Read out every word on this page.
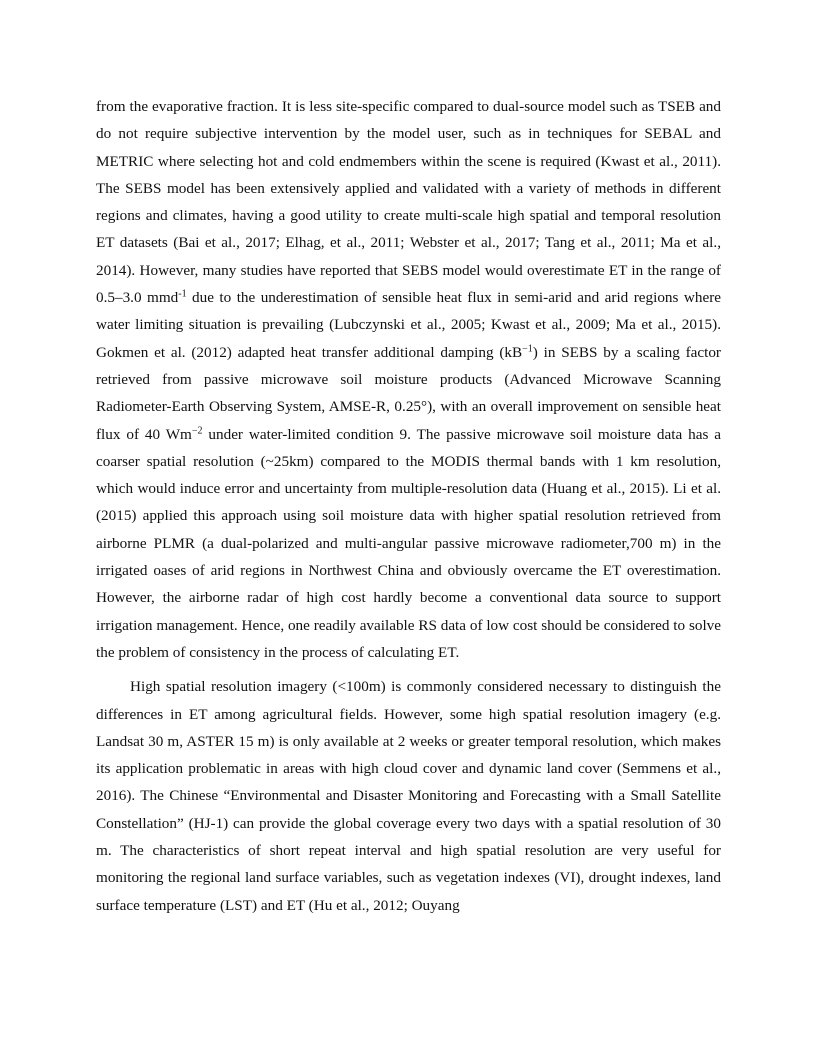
from the evaporative fraction. It is less site-specific compared to dual-source model such as TSEB and do not require subjective intervention by the model user, such as in techniques for SEBAL and METRIC where selecting hot and cold endmembers within the scene is required (Kwast et al., 2011). The SEBS model has been extensively applied and validated with a variety of methods in different regions and climates, having a good utility to create multi-scale high spatial and temporal resolution ET datasets (Bai et al., 2017; Elhag, et al., 2011; Webster et al., 2017; Tang et al., 2011; Ma et al., 2014). However, many studies have reported that SEBS model would overestimate ET in the range of 0.5–3.0 mmd$^{-1}$ due to the underestimation of sensible heat flux in semi-arid and arid regions where water limiting situation is prevailing (Lubczynski et al., 2005; Kwast et al., 2009; Ma et al., 2015). Gokmen et al. (2012) adapted heat transfer additional damping $(kB^{-1})$ in SEBS by a scaling factor retrieved from passive microwave soil moisture products (Advanced Microwave Scanning Radiometer-Earth Observing System, AMSE-R, 0.25°), with an overall improvement on sensible heat flux of 40 $Wm^{-2}$ under water-limited condition 9. The passive microwave soil moisture data has a coarser spatial resolution (~25km) compared to the MODIS thermal bands with 1 km resolution, which would induce error and uncertainty from multiple-resolution data (Huang et al., 2015). Li et al. (2015) applied this approach using soil moisture data with higher spatial resolution retrieved from airborne PLMR (a dual-polarized and multi-angular passive microwave radiometer,700 m) in the irrigated oases of arid regions in Northwest China and obviously overcame the ET overestimation. However, the airborne radar of high cost hardly become a conventional data source to support irrigation management. Hence, one readily available RS data of low cost should be considered to solve the problem of consistency in the process of calculating ET.

High spatial resolution imagery (<100m) is commonly considered necessary to distinguish the differences in ET among agricultural fields. However, some high spatial resolution imagery (e.g. Landsat 30 m, ASTER 15 m) is only available at 2 weeks or greater temporal resolution, which makes its application problematic in areas with high cloud cover and dynamic land cover (Semmens et al., 2016). The Chinese “Environmental and Disaster Monitoring and Forecasting with a Small Satellite Constellation” (HJ-1) can provide the global coverage every two days with a spatial resolution of 30 m. The characteristics of short repeat interval and high spatial resolution are very useful for monitoring the regional land surface variables, such as vegetation indexes (VI), drought indexes, land surface temperature (LST) and ET (Hu et al., 2012; Ouyang
